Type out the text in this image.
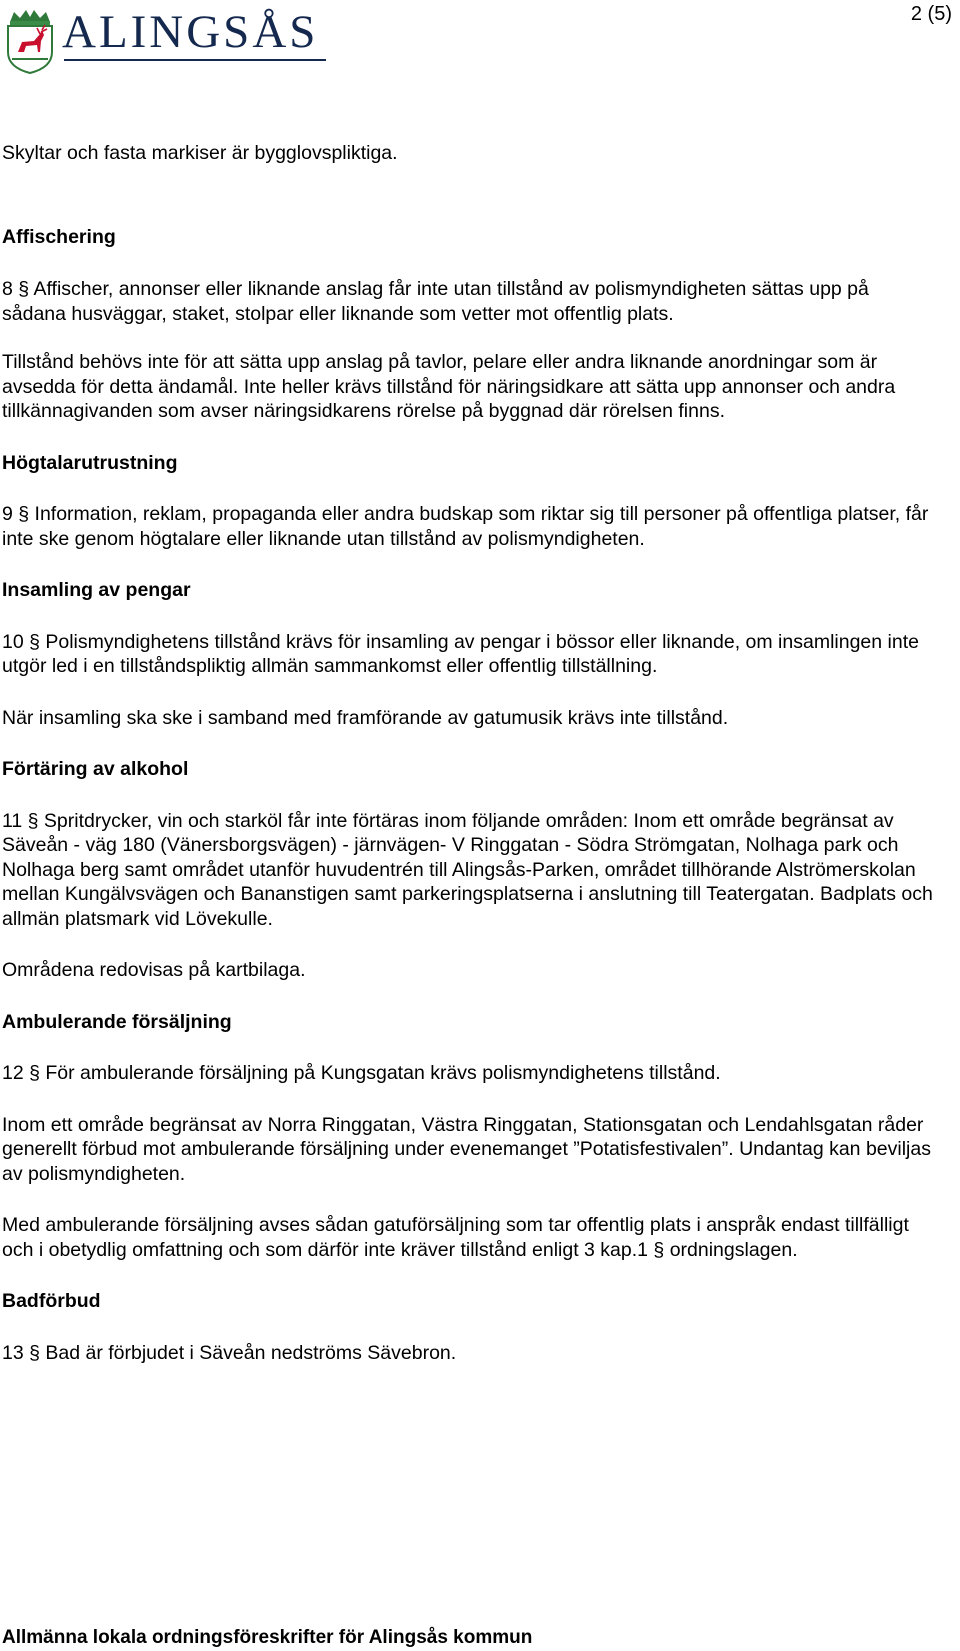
ALINGSÅS	2 (5)

Skyltar och fasta markiser är bygglovspliktiga.

Affischering

8 § Affischer, annonser eller liknande anslag får inte utan tillstånd av polismyndigheten sättas upp på sådana husväggar, staket, stolpar eller liknande som vetter mot offentlig plats.

Tillstånd behövs inte för att sätta upp anslag på tavlor, pelare eller andra liknande anordningar som är avsedda för detta ändamål. Inte heller krävs tillstånd för näringsidkare att sätta upp annonser och andra tillkännagivanden som avser näringsidkarens rörelse på byggnad där rörelsen finns.

Högtalarutrustning

9 § Information, reklam, propaganda eller andra budskap som riktar sig till personer på offentliga platser, får inte ske genom högtalare eller liknande utan tillstånd av polismyndigheten.

Insamling av pengar

10 § Polismyndighetens tillstånd krävs för insamling av pengar i bössor eller liknande, om insamlingen inte utgör led i en tillståndspliktig allmän sammankomst eller offentlig tillställning.

När insamling ska ske i samband med framförande av gatumusik krävs inte tillstånd.

Förtäring av alkohol

11 § Spritdrycker, vin och starköl får inte förtäras inom följande områden: Inom ett område begränsat av Säveån - väg 180 (Vänersborgsvägen) - järnvägen- V Ringgatan - Södra Strömgatan, Nolhaga park och Nolhaga berg samt området utanför huvudentrén till Alingsås-Parken, området tillhörande Alströmerskolan mellan Kungälvsvägen och Bananstigen samt parkeringsplatserna i anslutning till Teatergatan. Badplats och allmän platsmark vid Lövekulle.

Områdena redovisas på kartbilaga.

Ambulerande försäljning

12 § För ambulerande försäljning på Kungsgatan krävs polismyndighetens tillstånd.

Inom ett område begränsat av Norra Ringgatan, Västra Ringgatan, Stationsgatan och Lendahlsgatan råder generellt förbud mot ambulerande försäljning under evenemanget ”Potatisfestivalen”. Undantag kan beviljas av polismyndigheten.

Med ambulerande försäljning avses sådan gatuförsäljning som tar offentlig plats i anspråk endast tillfälligt och i obetydlig omfattning och som därför inte kräver tillstånd enligt 3 kap.1 § ordningslagen.

Badförbud

13 § Bad är förbjudet i Säveån nedströms Sävebron.

Allmänna lokala ordningsföreskrifter för Alingsås kommun
